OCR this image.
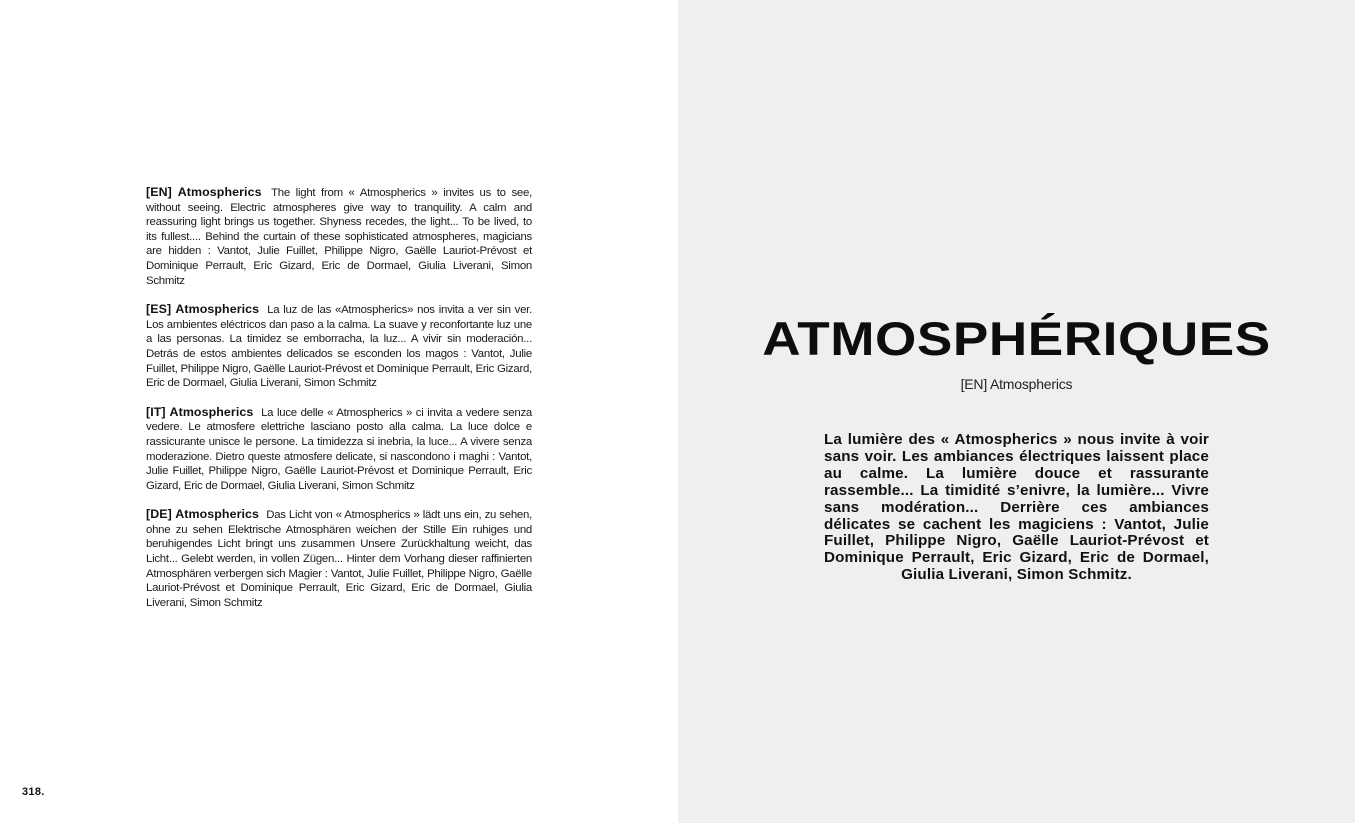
[EN] Atmospherics The light from « Atmospherics » invites us to see, without seeing. Electric atmospheres give way to tranquility. A calm and reassuring light brings us together. Shyness recedes, the light... To be lived, to its fullest.... Behind the curtain of these sophisticated atmospheres, magicians are hidden : Vantot, Julie Fuillet, Philippe Nigro, Gaëlle Lauriot-Prévost et Dominique Perrault, Eric Gizard, Eric de Dormael, Giulia Liverani, Simon Schmitz

[ES] Atmospherics La luz de las «Atmospherics» nos invita a ver sin ver. Los ambientes eléctricos dan paso a la calma. La suave y reconfortante luz une a las personas. La timidez se emborracha, la luz... A vivir sin moderación... Detrás de estos ambientes delicados se esconden los magos : Vantot, Julie Fuillet, Philippe Nigro, Gaëlle Lauriot-Prévost et Dominique Perrault, Eric Gizard, Eric de Dormael, Giulia Liverani, Simon Schmitz

[IT] Atmospherics La luce delle « Atmospherics » ci invita a vedere senza vedere. Le atmosfere elettriche lasciano posto alla calma. La luce dolce e rassicurante unisce le persone. La timidezza si inebria, la luce... A vivere senza moderazione. Dietro queste atmosfere delicate, si nascondono i maghi : Vantot, Julie Fuillet, Philippe Nigro, Gaëlle Lauriot-Prévost et Dominique Perrault, Eric Gizard, Eric de Dormael, Giulia Liverani, Simon Schmitz

[DE] Atmospherics Das Licht von « Atmospherics » lädt uns ein, zu sehen, ohne zu sehen Elektrische Atmosphären weichen der Stille Ein ruhiges und beruhigendes Licht bringt uns zusammen Unsere Zurückhaltung weicht, das Licht... Gelebt werden, in vollen Zügen... Hinter dem Vorhang dieser raffinierten Atmosphären verbergen sich Magier : Vantot, Julie Fuillet, Philippe Nigro, Gaëlle Lauriot-Prévost et Dominique Perrault, Eric Gizard, Eric de Dormael, Giulia Liverani, Simon Schmitz

318.
ATMOSPHÉRIQUES
[EN] Atmospherics

La lumière des « Atmospherics » nous invite à voir sans voir. Les ambiances électriques laissent place au calme. La lumière douce et rassurante rassemble... La timidité s’enivre, la lumière... Vivre sans modération... Derrière ces ambiances délicates se cachent les magiciens : Vantot, Julie Fuillet, Philippe Nigro, Gaëlle Lauriot-Prévost et Dominique Perrault, Eric Gizard, Eric de Dormael, Giulia Liverani, Simon Schmitz.
